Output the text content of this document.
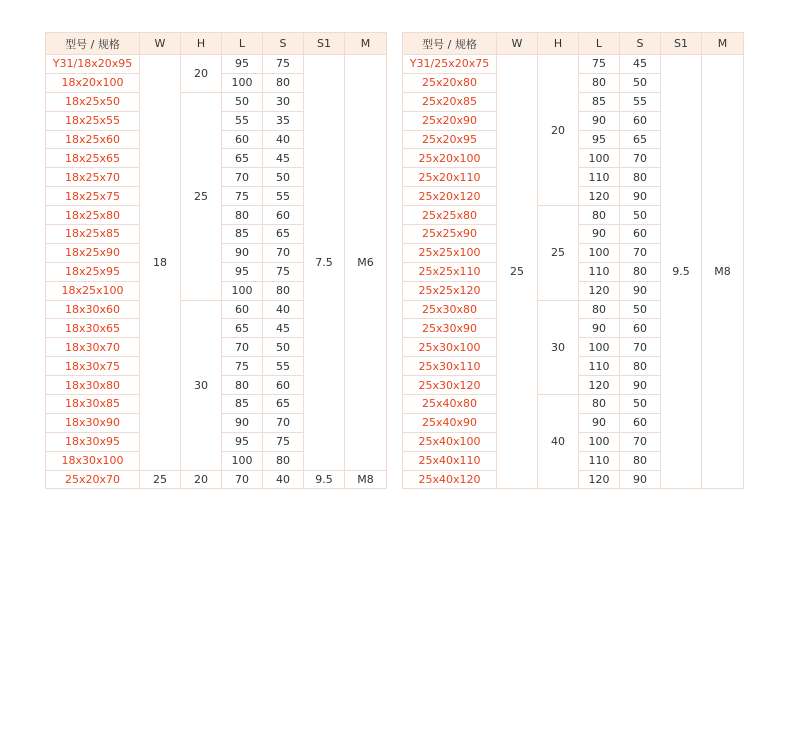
型号 / 规格	W	H	L	S	S1	M
Y31/18x20x95	18	20	95	75	7.5	M6
18x20x100			100	80		
18x25x50		25	50	30		
18x25x55			55	35		
18x25x60			60	40		
18x25x65			65	45		
18x25x70			70	50		
18x25x75			75	55		
18x25x80			80	60		
18x25x85			85	65		
18x25x90			90	70		
18x25x95			95	75		
18x25x100			100	80		
18x30x60		30	60	40		
18x30x65			65	45		
18x30x70			70	50		
18x30x75			75	55		
18x30x80			80	60		
18x30x85			85	65		
18x30x90			90	70		
18x30x95			95	75		
18x30x100			100	80		
25x20x70	25	20	70	40	9.5	M8
型号 / 规格	W	H	L	S	S1	M
Y31/25x20x75	25	20	75	45	9.5	M8
25x20x80			80	50		
25x20x85			85	55		
25x20x90			90	60		
25x20x95			95	65		
25x20x100			100	70		
25x20x110			110	80		
25x20x120			120	90		
25x25x80		25	80	50		
25x25x90			90	60		
25x25x100			100	70		
25x25x110			110	80		
25x25x120			120	90		
25x30x80		30	80	50		
25x30x90			90	60		
25x30x100			100	70		
25x30x110			110	80		
25x30x120			120	90		
25x40x80		40	80	50		
25x40x90			90	60		
25x40x100			100	70		
25x40x110			110	80		
25x40x120			120	90		
